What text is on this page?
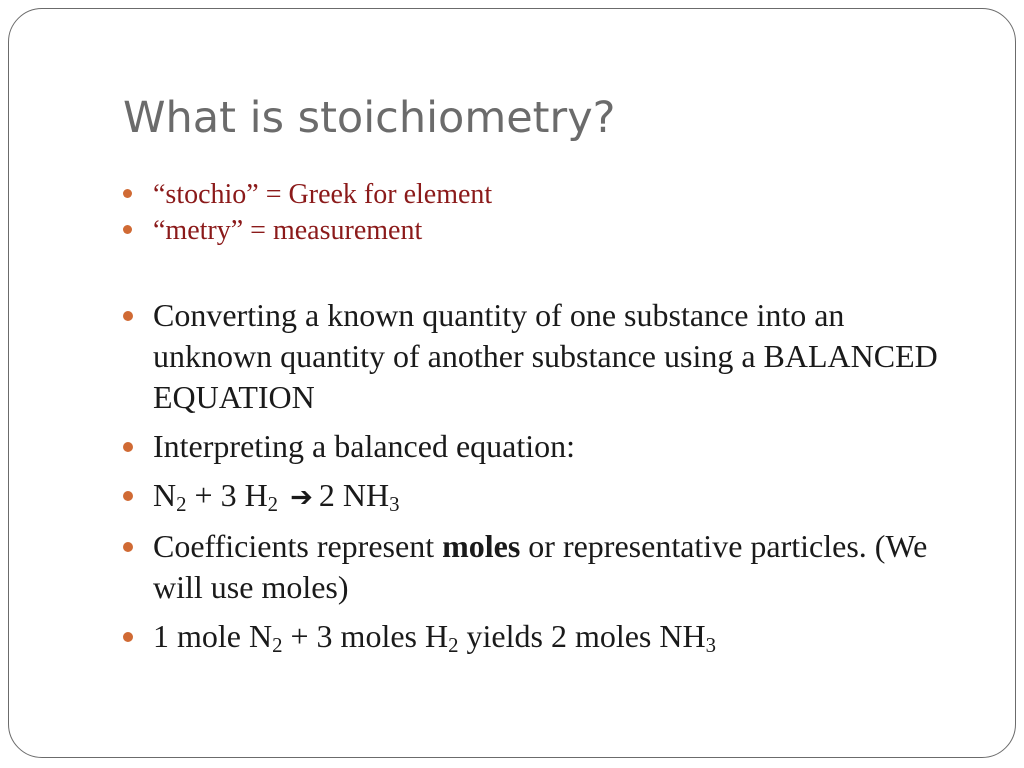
What is stoichiometry?
“stochio” = Greek for element
“metry” = measurement
Converting a known quantity of one substance into an unknown quantity of another substance using a BALANCED EQUATION
Interpreting a balanced equation:
$N_2 + 3$ $H_2$ ➔ 2 $NH_3$
Coefficients represent moles or representative particles. (We will use moles)
1 mole $N_2 + 3$ moles $H_2$ yields 2 moles $NH_3$
